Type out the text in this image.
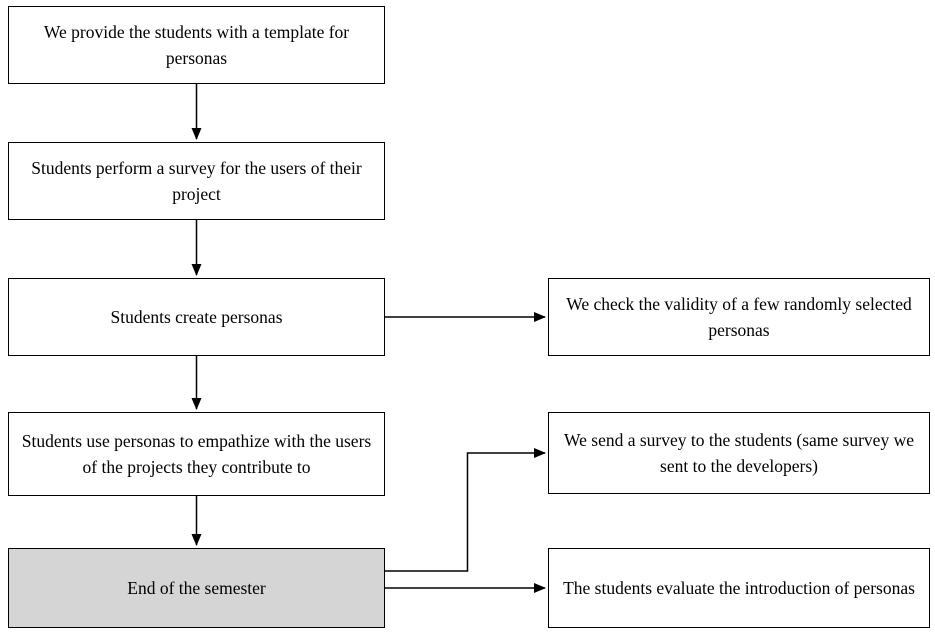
We provide the students with a template for personas
Students perform a survey for the users of their project
Students create personas
Students use personas to empathize with the users of the projects they contribute to
End of the semester
We check the validity of a few randomly selected personas
We send a survey to the students (same survey we sent to the developers)
The students evaluate the introduction of personas
